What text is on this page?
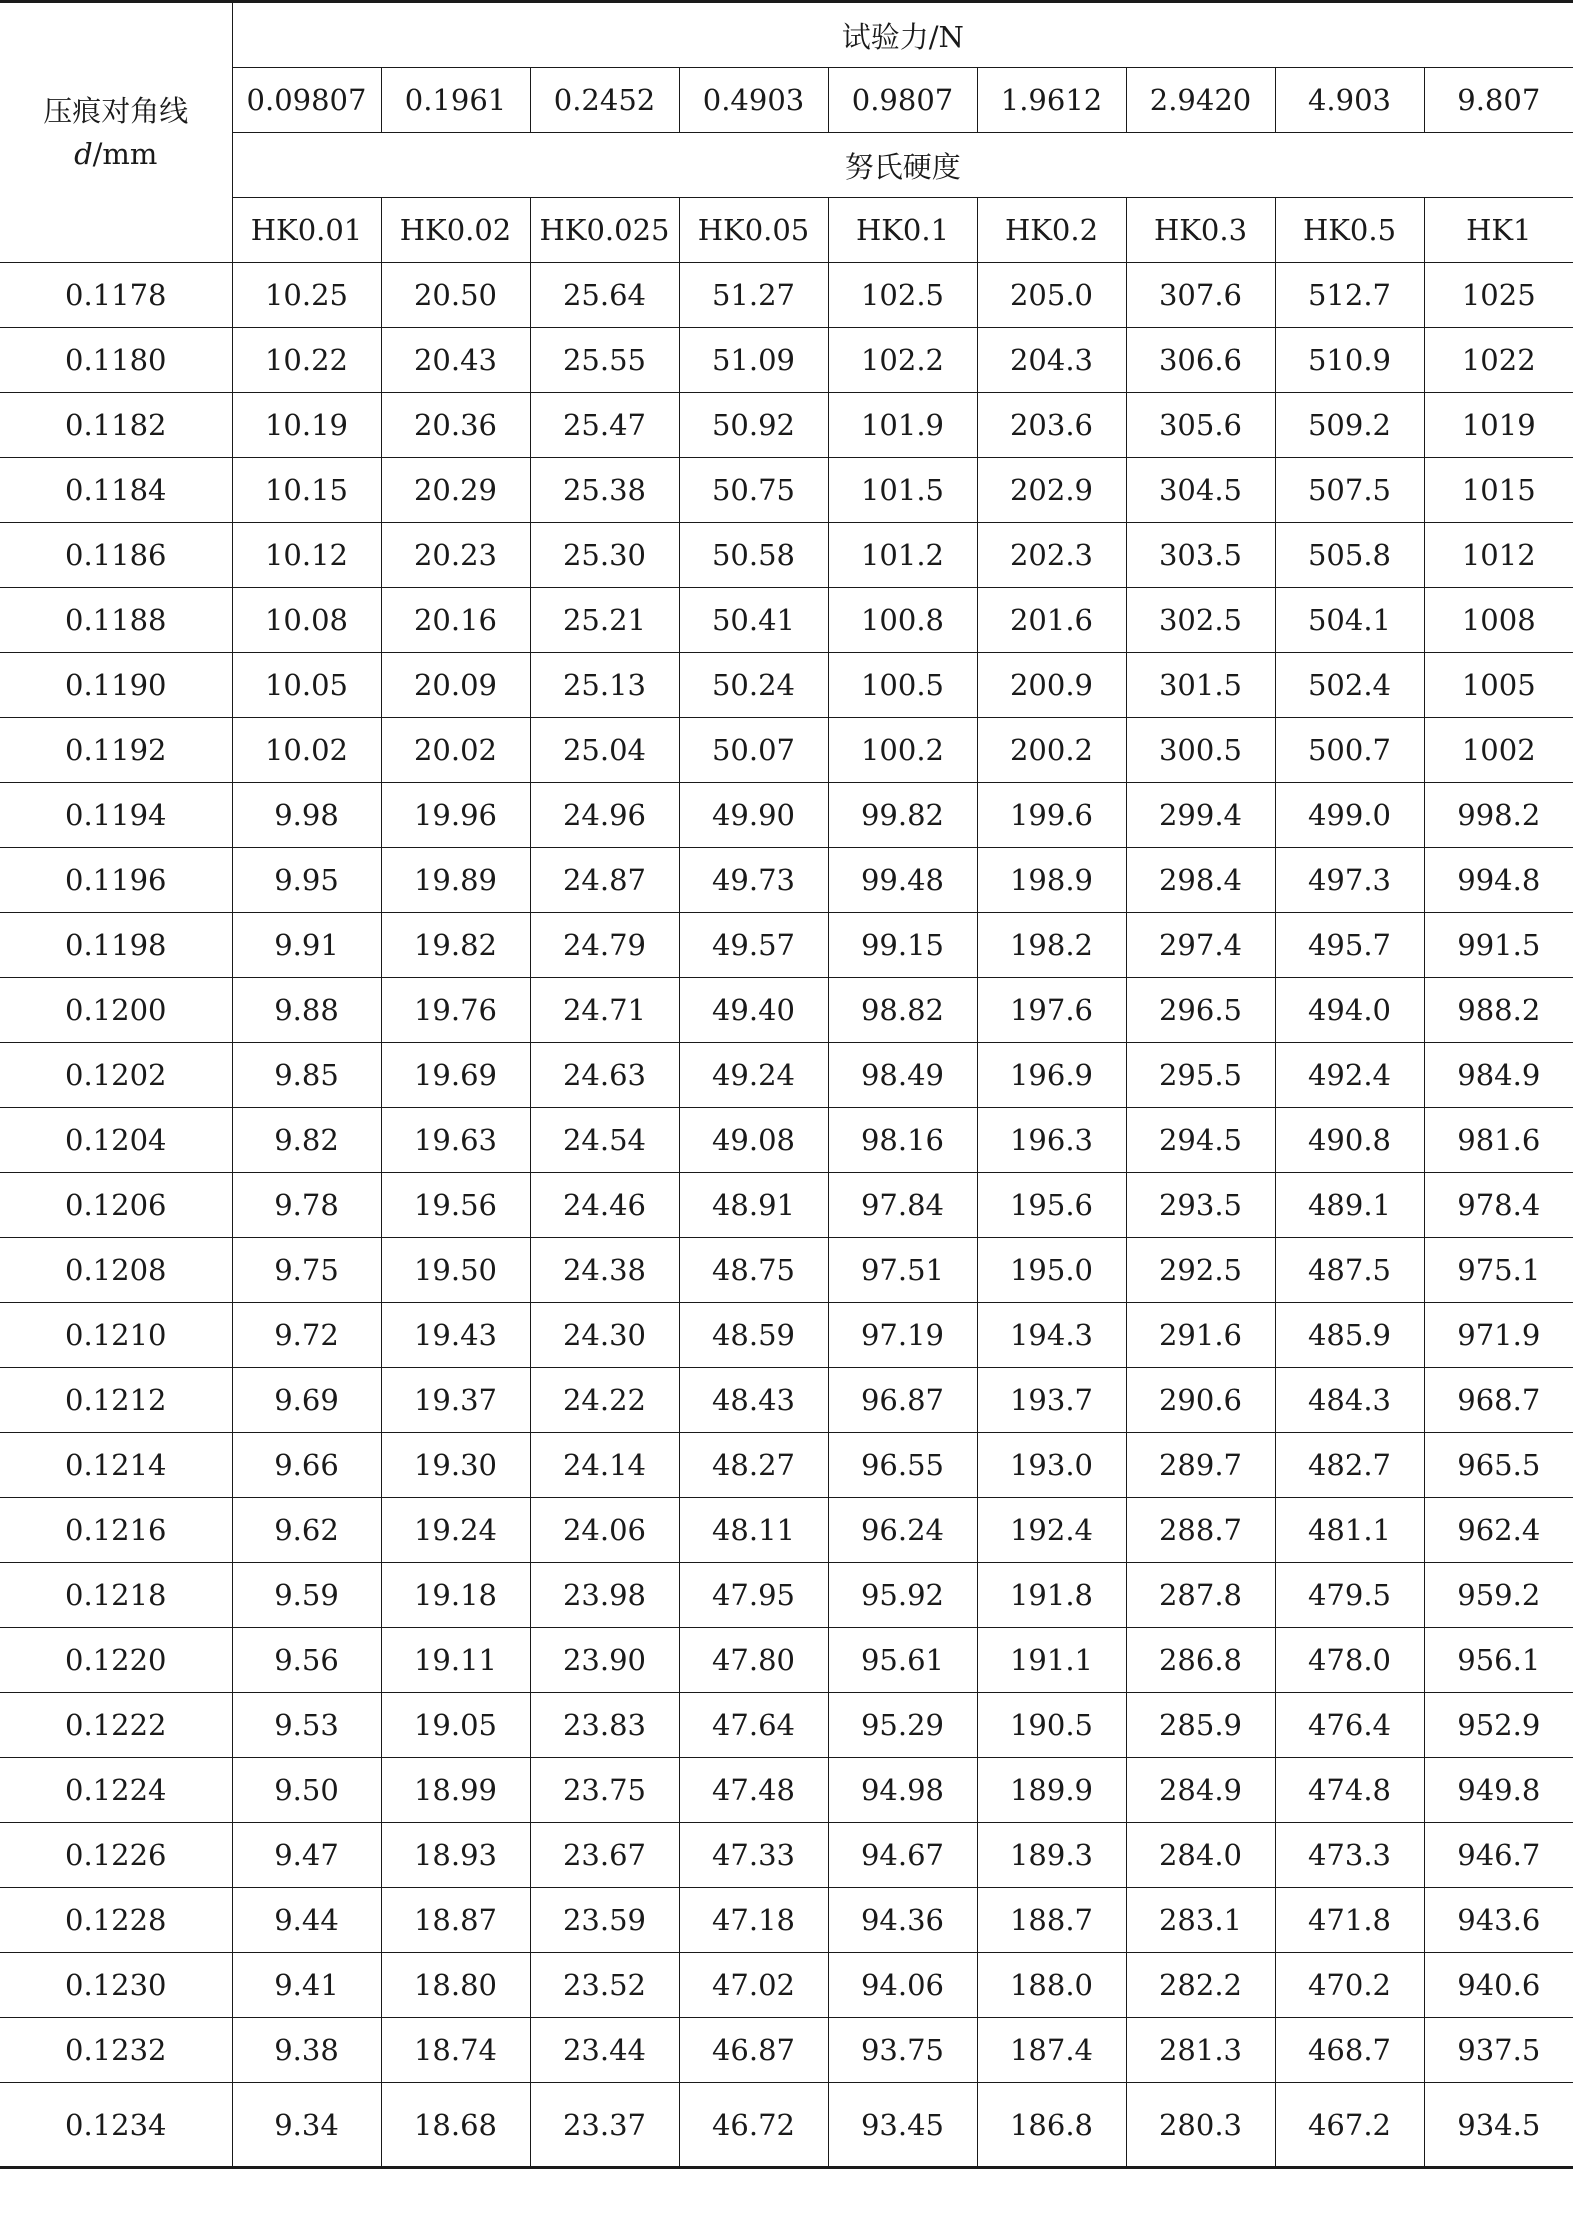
压痕对角线
d/mm	试验力/N								
	0.09807	0.1961	0.2452	0.4903	0.9807	1.9612	2.9420	4.903	9.807
	努氏硬度								
	HK0.01	HK0.02	HK0.025	HK0.05	HK0.1	HK0.2	HK0.3	HK0.5	HK1
0.1178	10.25	20.50	25.64	51.27	102.5	205.0	307.6	512.7	1025
0.1180	10.22	20.43	25.55	51.09	102.2	204.3	306.6	510.9	1022
0.1182	10.19	20.36	25.47	50.92	101.9	203.6	305.6	509.2	1019
0.1184	10.15	20.29	25.38	50.75	101.5	202.9	304.5	507.5	1015
0.1186	10.12	20.23	25.30	50.58	101.2	202.3	303.5	505.8	1012
0.1188	10.08	20.16	25.21	50.41	100.8	201.6	302.5	504.1	1008
0.1190	10.05	20.09	25.13	50.24	100.5	200.9	301.5	502.4	1005
0.1192	10.02	20.02	25.04	50.07	100.2	200.2	300.5	500.7	1002
0.1194	9.98	19.96	24.96	49.90	99.82	199.6	299.4	499.0	998.2
0.1196	9.95	19.89	24.87	49.73	99.48	198.9	298.4	497.3	994.8
0.1198	9.91	19.82	24.79	49.57	99.15	198.2	297.4	495.7	991.5
0.1200	9.88	19.76	24.71	49.40	98.82	197.6	296.5	494.0	988.2
0.1202	9.85	19.69	24.63	49.24	98.49	196.9	295.5	492.4	984.9
0.1204	9.82	19.63	24.54	49.08	98.16	196.3	294.5	490.8	981.6
0.1206	9.78	19.56	24.46	48.91	97.84	195.6	293.5	489.1	978.4
0.1208	9.75	19.50	24.38	48.75	97.51	195.0	292.5	487.5	975.1
0.1210	9.72	19.43	24.30	48.59	97.19	194.3	291.6	485.9	971.9
0.1212	9.69	19.37	24.22	48.43	96.87	193.7	290.6	484.3	968.7
0.1214	9.66	19.30	24.14	48.27	96.55	193.0	289.7	482.7	965.5
0.1216	9.62	19.24	24.06	48.11	96.24	192.4	288.7	481.1	962.4
0.1218	9.59	19.18	23.98	47.95	95.92	191.8	287.8	479.5	959.2
0.1220	9.56	19.11	23.90	47.80	95.61	191.1	286.8	478.0	956.1
0.1222	9.53	19.05	23.83	47.64	95.29	190.5	285.9	476.4	952.9
0.1224	9.50	18.99	23.75	47.48	94.98	189.9	284.9	474.8	949.8
0.1226	9.47	18.93	23.67	47.33	94.67	189.3	284.0	473.3	946.7
0.1228	9.44	18.87	23.59	47.18	94.36	188.7	283.1	471.8	943.6
0.1230	9.41	18.80	23.52	47.02	94.06	188.0	282.2	470.2	940.6
0.1232	9.38	18.74	23.44	46.87	93.75	187.4	281.3	468.7	937.5
0.1234	9.34	18.68	23.37	46.72	93.45	186.8	280.3	467.2	934.5
